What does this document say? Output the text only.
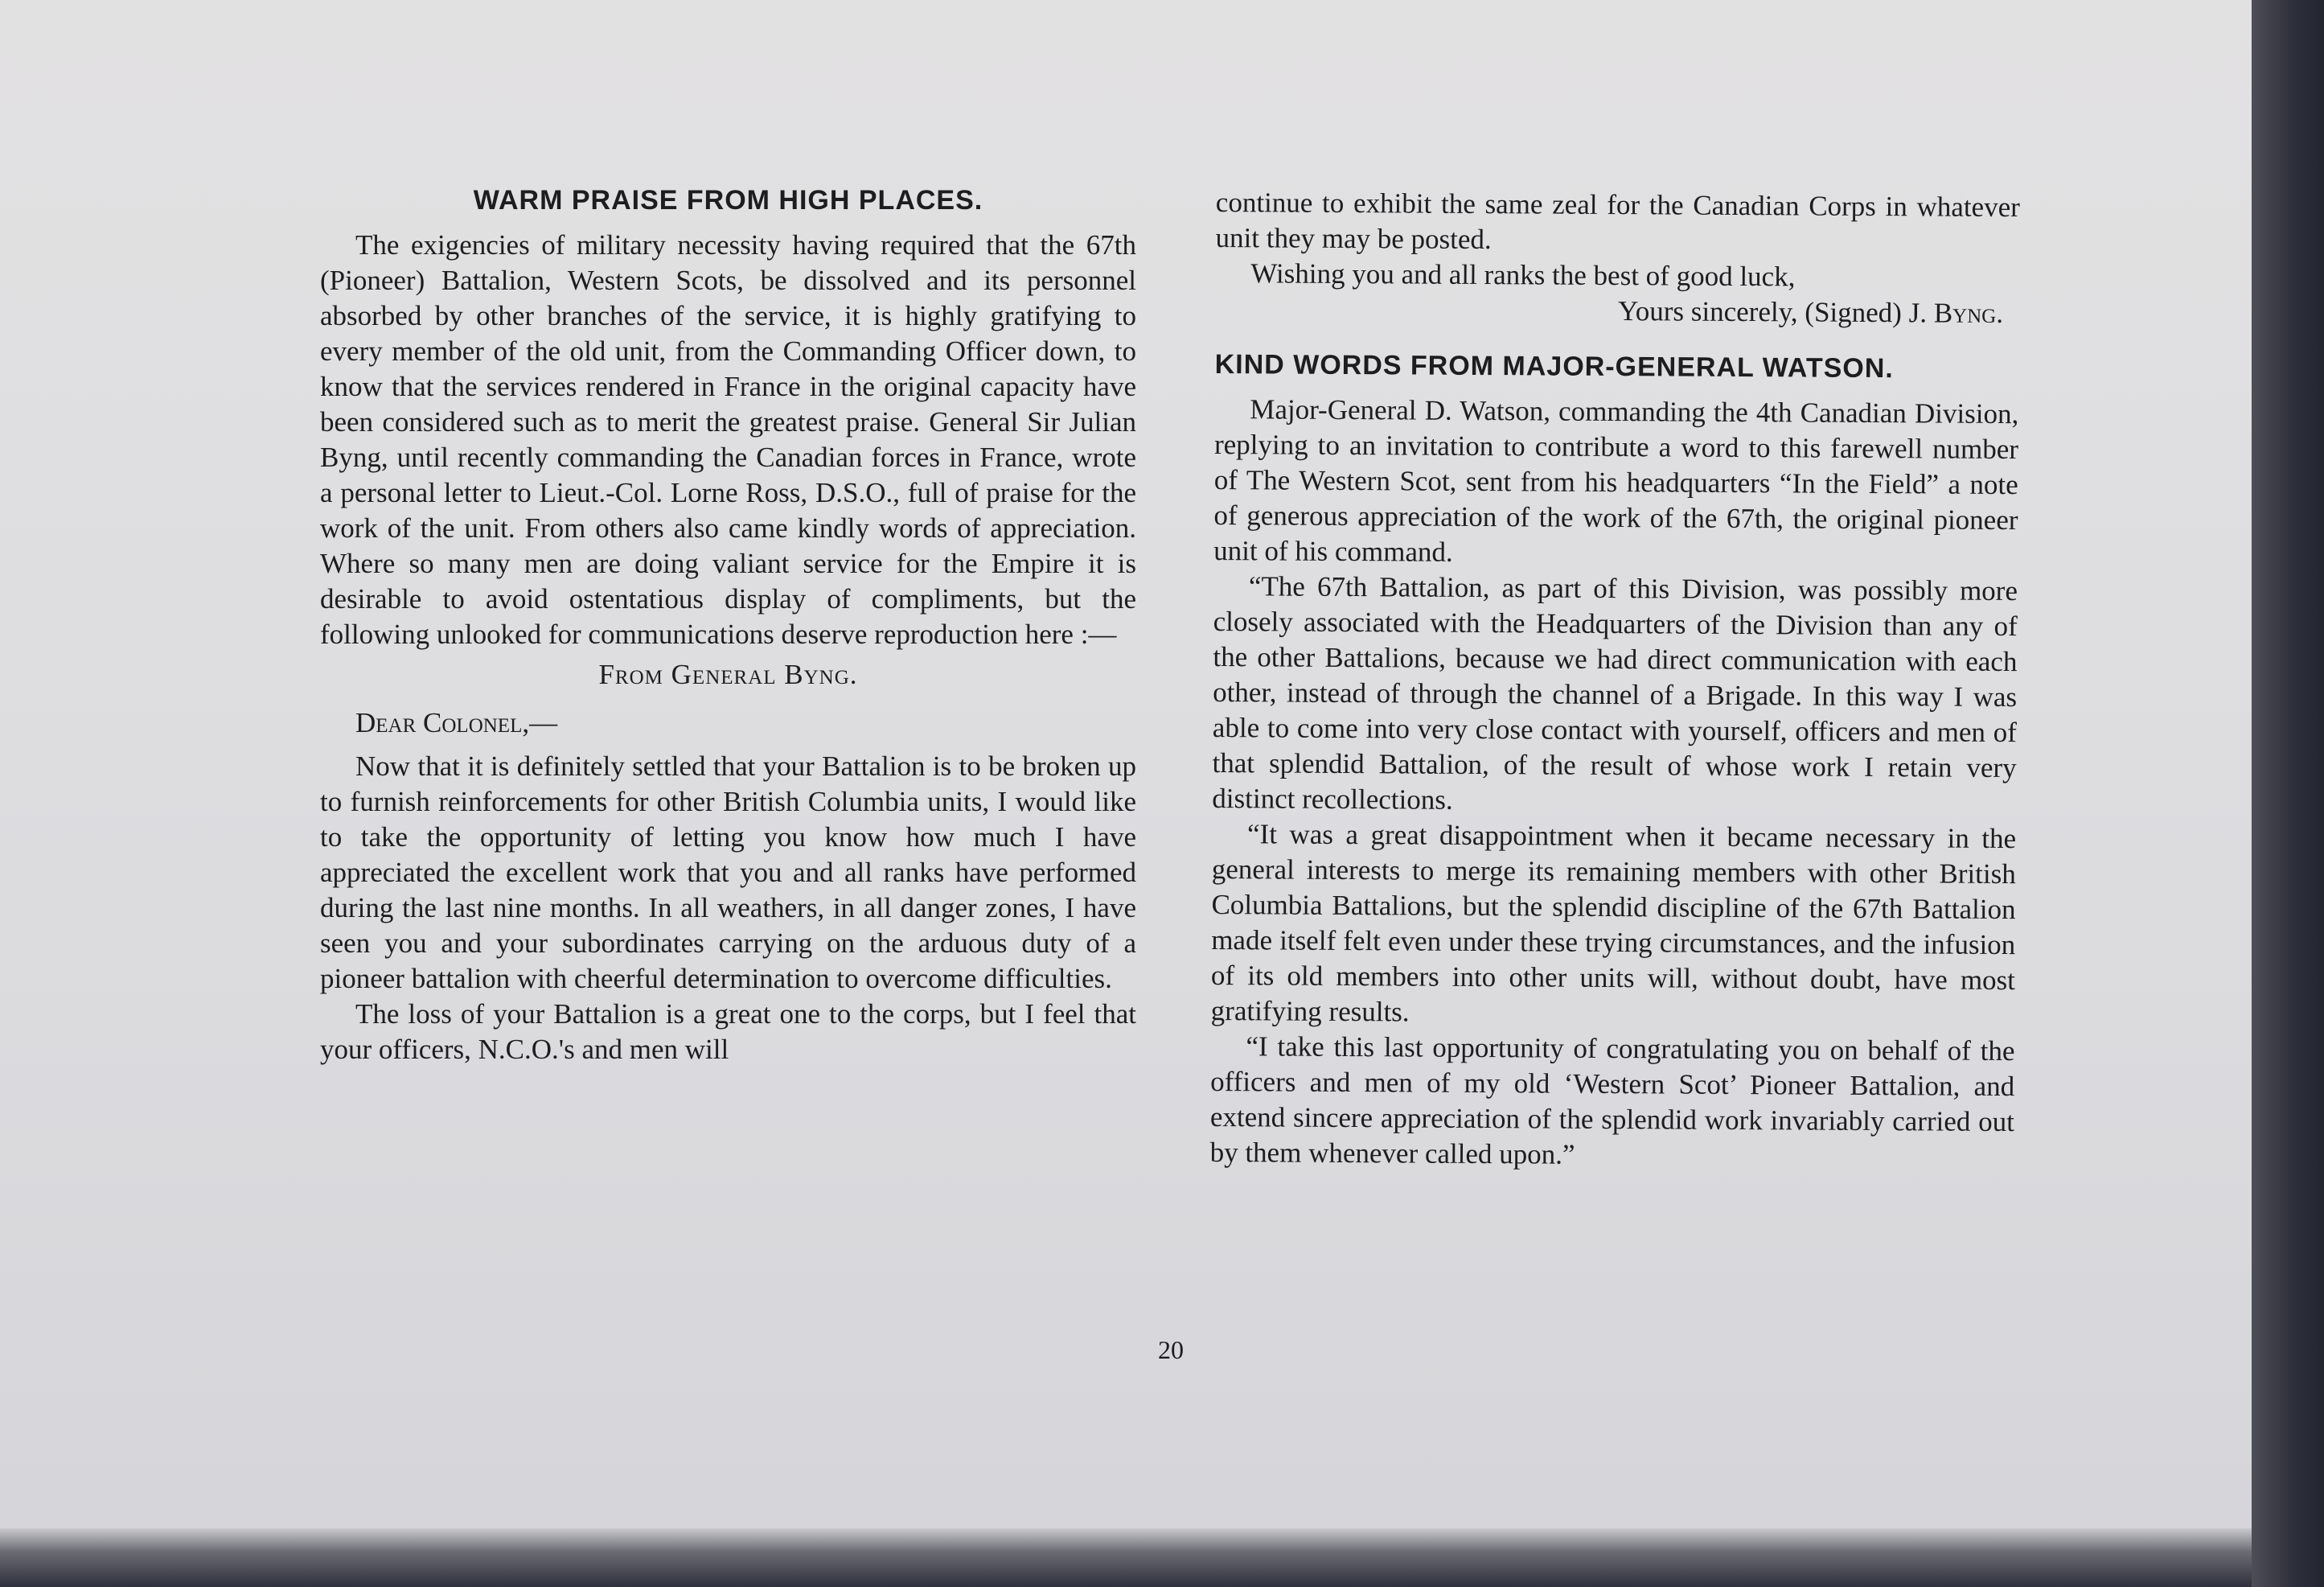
WARM PRAISE FROM HIGH PLACES.

The exigencies of military necessity having required that the 67th (Pioneer) Battalion, Western Scots, be dissolved and its personnel absorbed by other branches of the service, it is highly gratifying to every member of the old unit, from the Commanding Officer down, to know that the services rendered in France in the original capacity have been considered such as to merit the greatest praise. General Sir Julian Byng, until recently commanding the Canadian forces in France, wrote a personal letter to Lieut.-Col. Lorne Ross, D.S.O., full of praise for the work of the unit. From others also came kindly words of appreciation. Where so many men are doing valiant service for the Empire it is desirable to avoid ostentatious display of compliments, but the following unlooked for communications deserve reproduction here :—

From General Byng.

Dear Colonel,—

Now that it is definitely settled that your Battalion is to be broken up to furnish reinforcements for other British Columbia units, I would like to take the opportunity of letting you know how much I have appreciated the excellent work that you and all ranks have performed during the last nine months. In all weathers, in all danger zones, I have seen you and your subordinates carrying on the arduous duty of a pioneer battalion with cheerful determination to overcome difficulties.

The loss of your Battalion is a great one to the corps, but I feel that your officers, N.C.O.'s and men will

continue to exhibit the same zeal for the Canadian Corps in whatever unit they may be posted.

Wishing you and all ranks the best of good luck,

Yours sincerely, (Signed) J. Byng.

KIND WORDS FROM MAJOR-GENERAL WATSON.

Major-General D. Watson, commanding the 4th Canadian Division, replying to an invitation to contribute a word to this farewell number of The Western Scot, sent from his headquarters “In the Field” a note of generous appreciation of the work of the 67th, the original pioneer unit of his command.

“The 67th Battalion, as part of this Division, was possibly more closely associated with the Headquarters of the Division than any of the other Battalions, because we had direct communication with each other, instead of through the channel of a Brigade. In this way I was able to come into very close contact with yourself, officers and men of that splendid Battalion, of the result of whose work I retain very distinct recollections.

“It was a great disappointment when it became necessary in the general interests to merge its remaining members with other British Columbia Battalions, but the splendid discipline of the 67th Battalion made itself felt even under these trying circumstances, and the infusion of its old members into other units will, without doubt, have most gratifying results.

“I take this last opportunity of congratulating you on behalf of the officers and men of my old ‘Western Scot’ Pioneer Battalion, and extend sincere appreciation of the splendid work invariably carried out by them whenever called upon.”

20
